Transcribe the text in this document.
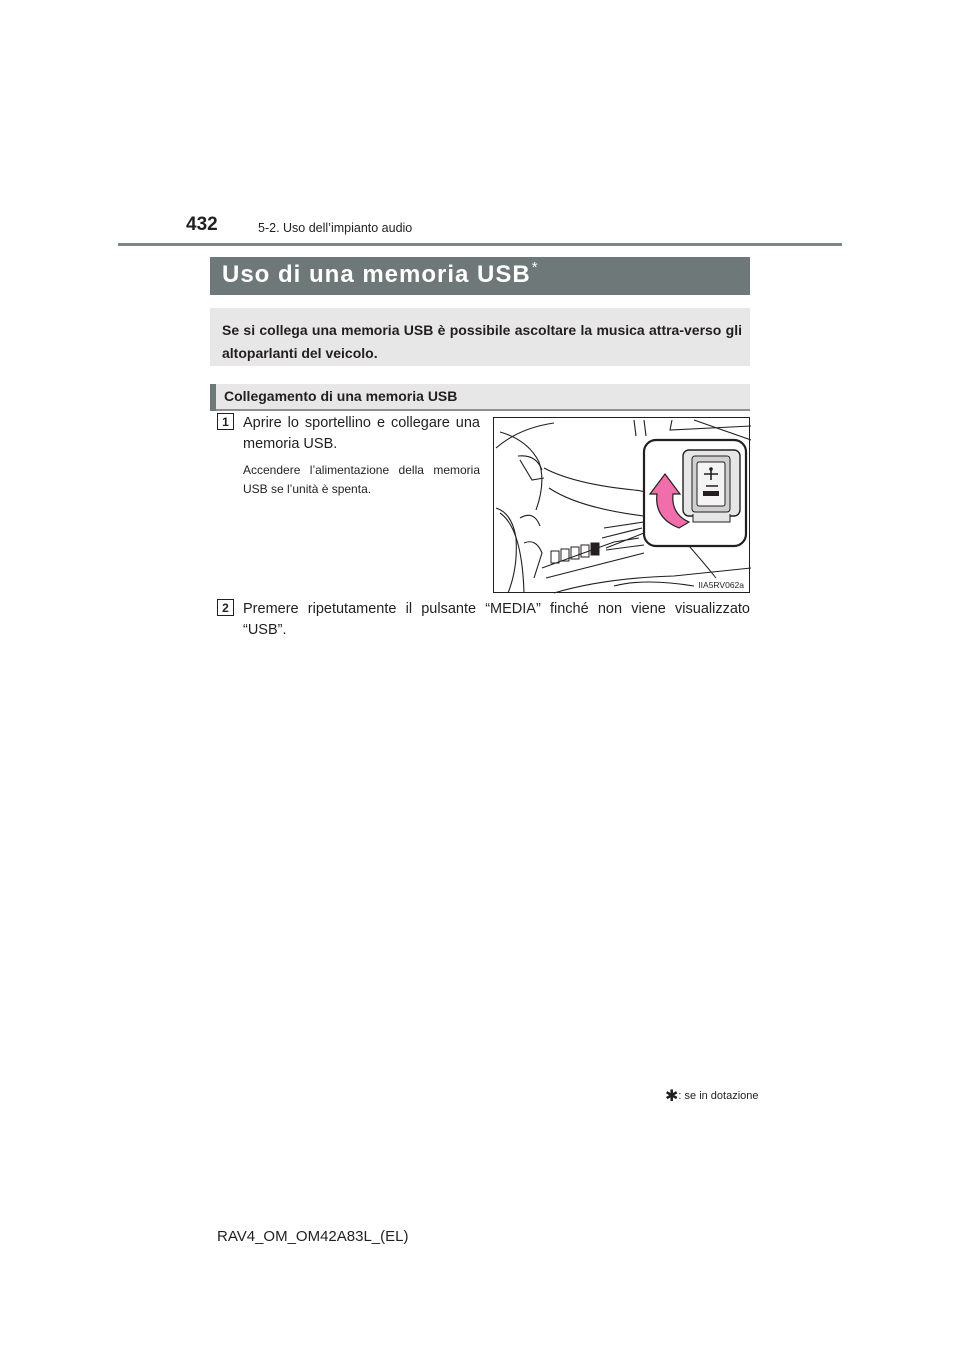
432	5-2. Uso dell’impianto audio
Uso di una memoria USB*

Se si collega una memoria USB è possibile ascoltare la musica attra-verso gli altoparlanti del veicolo.

Collegamento di una memoria USB
1 Aprire lo sportellino e collegare una memoria USB.
Accendere l’alimentazione della memoria USB se l’unità è spenta.
IIA5RV062a
2 Premere ripetutamente il pulsante “MEDIA” finché non viene visualizzato “USB”.
✱: se in dotazione
RAV4_OM_OM42A83L_(EL)
